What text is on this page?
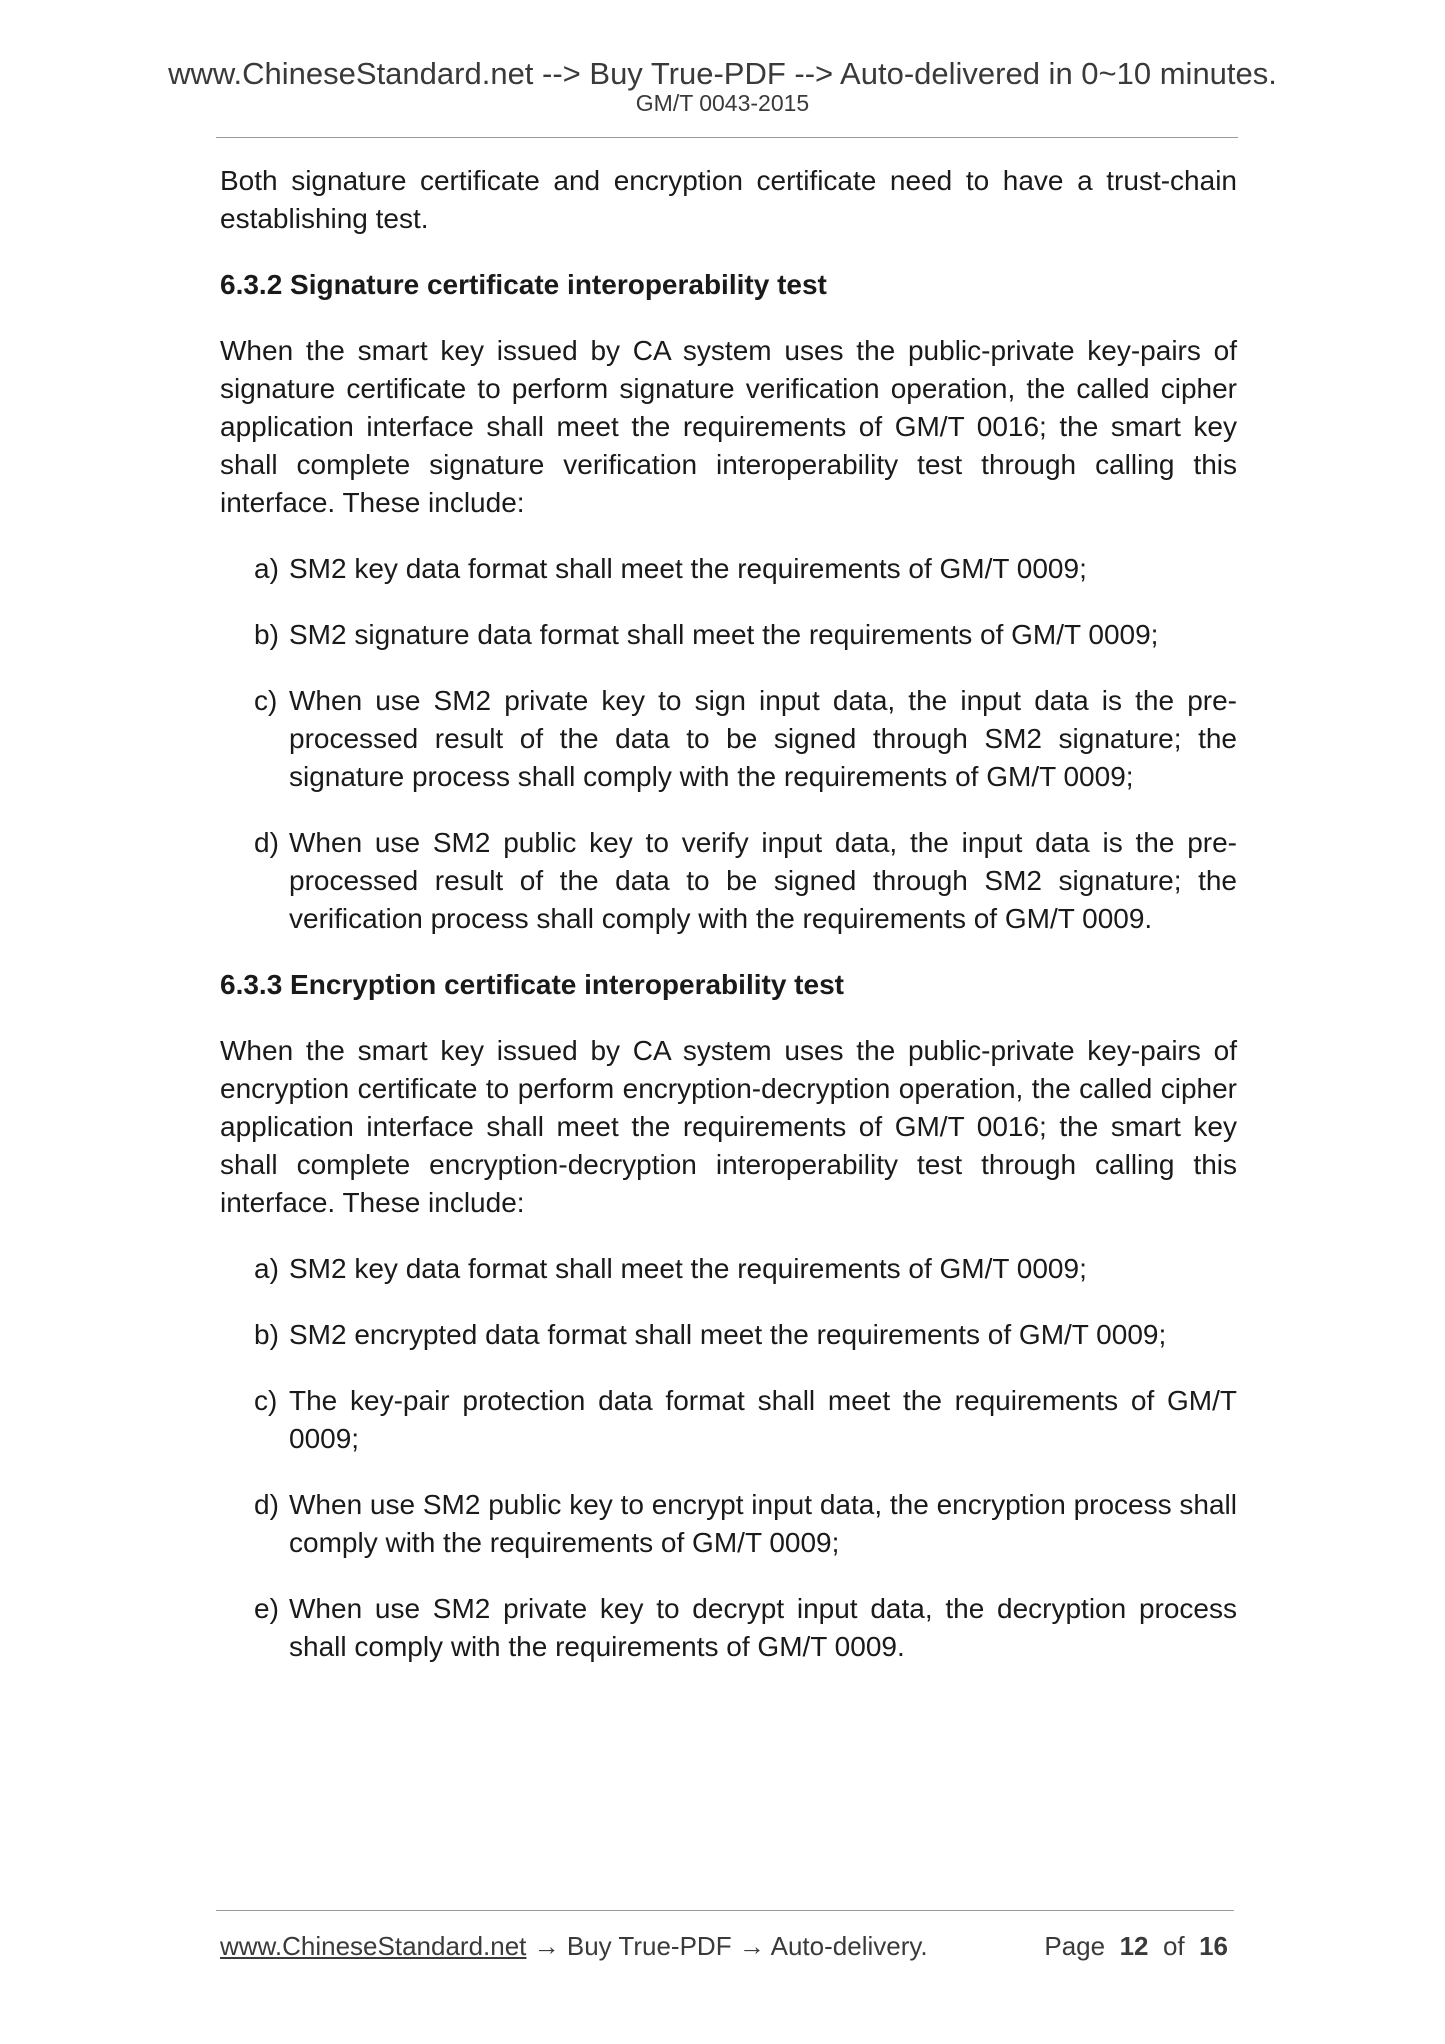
www.ChineseStandard.net --> Buy True-PDF --> Auto-delivered in 0~10 minutes.
GM/T 0043-2015

Both signature certificate and encryption certificate need to have a trust-chain establishing test.

6.3.2 Signature certificate interoperability test

When the smart key issued by CA system uses the public-private key-pairs of signature certificate to perform signature verification operation, the called cipher application interface shall meet the requirements of GM/T 0016; the smart key shall complete signature verification interoperability test through calling this interface. These include:

a) SM2 key data format shall meet the requirements of GM/T 0009;
b) SM2 signature data format shall meet the requirements of GM/T 0009;
c) When use SM2 private key to sign input data, the input data is the pre-processed result of the data to be signed through SM2 signature; the signature process shall comply with the requirements of GM/T 0009;
d) When use SM2 public key to verify input data, the input data is the pre-processed result of the data to be signed through SM2 signature; the verification process shall comply with the requirements of GM/T 0009.
6.3.3 Encryption certificate interoperability test

When the smart key issued by CA system uses the public-private key-pairs of encryption certificate to perform encryption-decryption operation, the called cipher application interface shall meet the requirements of GM/T 0016; the smart key shall complete encryption-decryption interoperability test through calling this interface. These include:

a) SM2 key data format shall meet the requirements of GM/T 0009;
b) SM2 encrypted data format shall meet the requirements of GM/T 0009;
c) The key-pair protection data format shall meet the requirements of GM/T 0009;
d) When use SM2 public key to encrypt input data, the encryption process shall comply with the requirements of GM/T 0009;
e) When use SM2 private key to decrypt input data, the decryption process shall comply with the requirements of GM/T 0009.
www.ChineseStandard.net → Buy True-PDF → Auto-delivery.	Page 12 of 16
